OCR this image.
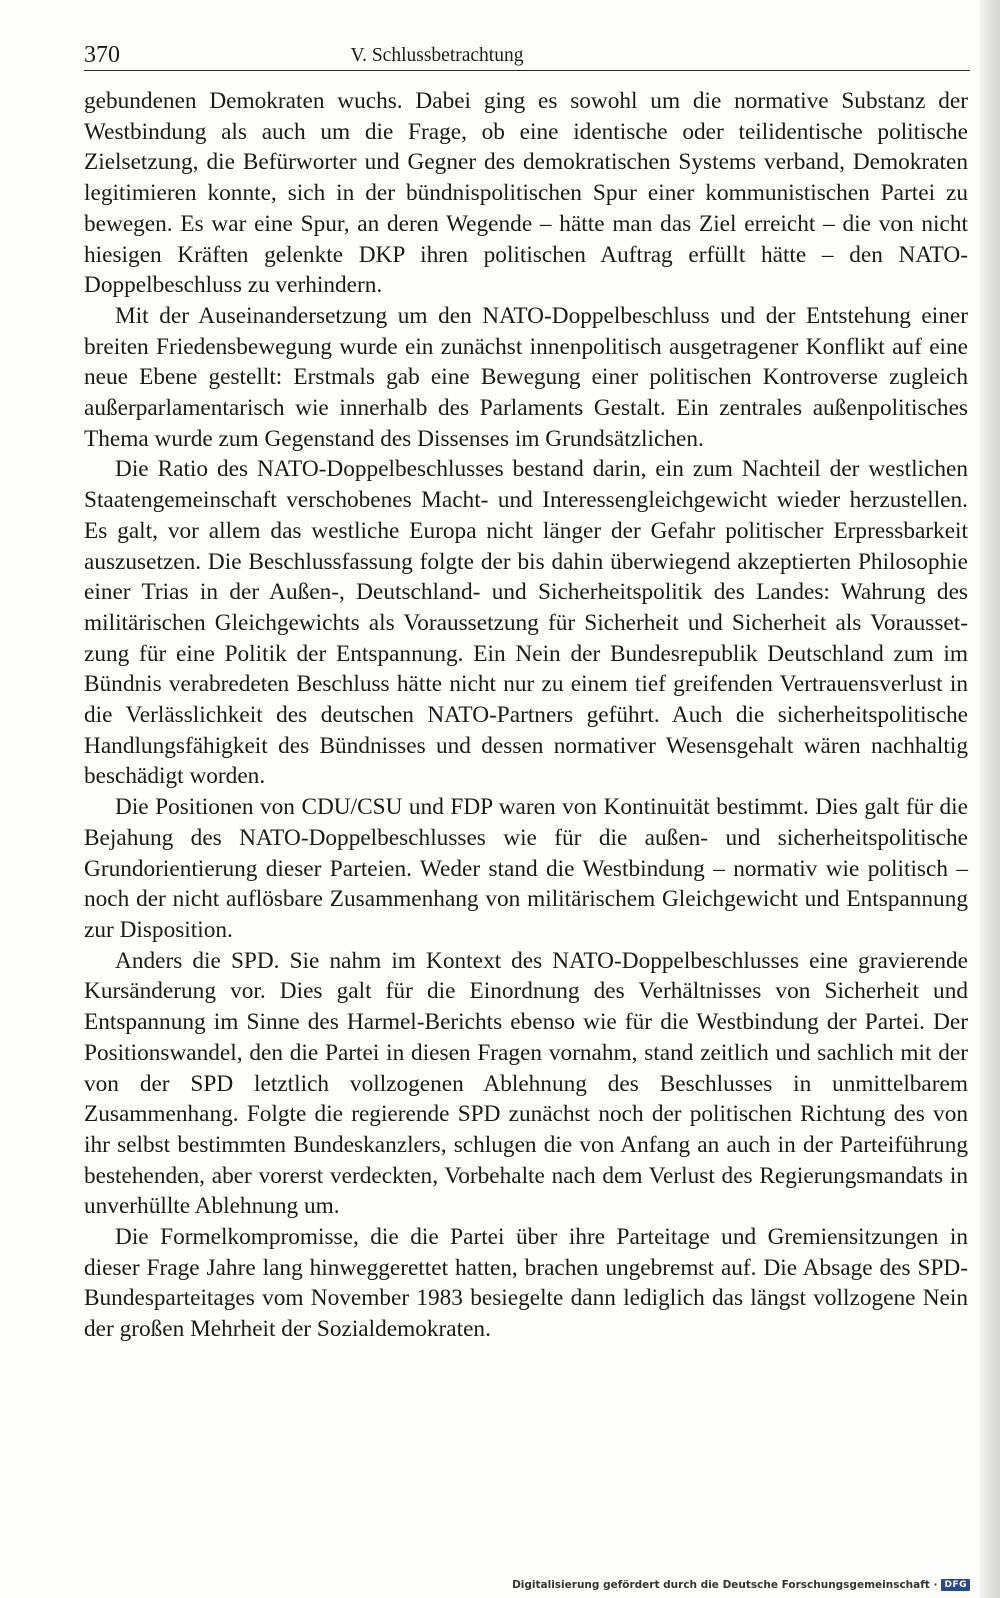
370	V. Schlussbetrachtung

gebundenen Demokraten wuchs. Dabei ging es sowohl um die normative Substanz der Westbindung als auch um die Frage, ob eine identische oder teilidentische politische Zielsetzung, die Befürworter und Gegner des demokratischen Systems verband, Demokraten legitimieren konnte, sich in der bündnispolitischen Spur einer kommunistischen Partei zu bewegen. Es war eine Spur, an deren Wegende – hätte man das Ziel erreicht – die von nicht hiesigen Kräften gelenkte DKP ihren politischen Auftrag erfüllt hätte – den NATO-Doppelbeschluss zu verhindern.

Mit der Auseinandersetzung um den NATO-Doppelbeschluss und der Entstehung einer breiten Friedensbewegung wurde ein zunächst innenpolitisch ausgetragener Konflikt auf eine neue Ebene gestellt: Erstmals gab eine Bewegung einer politischen Kontroverse zugleich außerparlamentarisch wie innerhalb des Parlaments Gestalt. Ein zentrales außenpolitisches Thema wurde zum Gegenstand des Dissenses im Grundsätzlichen.

Die Ratio des NATO-Doppelbeschlusses bestand darin, ein zum Nachteil der westlichen Staatengemeinschaft verschobenes Macht- und Interessengleichgewicht wieder herzustellen. Es galt, vor allem das westliche Europa nicht länger der Gefahr politischer Erpressbarkeit auszusetzen. Die Beschlussfassung folgte der bis dahin überwiegend akzeptierten Philosophie einer Trias in der Außen-, Deutschland- und Sicherheitspolitik des Landes: Wahrung des militärischen Gleichgewichts als Voraussetzung für Sicherheit und Sicherheit als Voraussetzung für eine Politik der Entspannung. Ein Nein der Bundesrepublik Deutschland zum im Bündnis verabredeten Beschluss hätte nicht nur zu einem tief greifenden Vertrauensverlust in die Verlässlichkeit des deutschen NATO-Partners geführt. Auch die sicherheitspolitische Handlungsfähigkeit des Bündnisses und dessen normativer Wesensgehalt wären nachhaltig beschädigt worden.

Die Positionen von CDU/CSU und FDP waren von Kontinuität bestimmt. Dies galt für die Bejahung des NATO-Doppelbeschlusses wie für die außen- und sicherheitspolitische Grundorientierung dieser Parteien. Weder stand die Westbindung – normativ wie politisch – noch der nicht auflösbare Zusammenhang von militärischem Gleichgewicht und Entspannung zur Disposition.

Anders die SPD. Sie nahm im Kontext des NATO-Doppelbeschlusses eine gravierende Kursänderung vor. Dies galt für die Einordnung des Verhältnisses von Sicherheit und Entspannung im Sinne des Harmel-Berichts ebenso wie für die Westbindung der Partei. Der Positionswandel, den die Partei in diesen Fragen vornahm, stand zeitlich und sachlich mit der von der SPD letztlich vollzogenen Ablehnung des Beschlusses in unmittelbarem Zusammenhang. Folgte die regierende SPD zunächst noch der politischen Richtung des von ihr selbst bestimmten Bundeskanzlers, schlugen die von Anfang an auch in der Parteiführung bestehenden, aber vorerst verdeckten, Vorbehalte nach dem Verlust des Regierungsmandats in unverhüllte Ablehnung um.

Die Formelkompromisse, die die Partei über ihre Parteitage und Gremiensitzungen in dieser Frage Jahre lang hinweggerettet hatten, brachen ungebremst auf. Die Absage des SPD-Bundesparteitages vom November 1983 besiegelte dann lediglich das längst vollzogene Nein der großen Mehrheit der Sozialdemokraten.

Digitalisierung gefördert durch die Deutsche Forschungsgemeinschaft · DFG
